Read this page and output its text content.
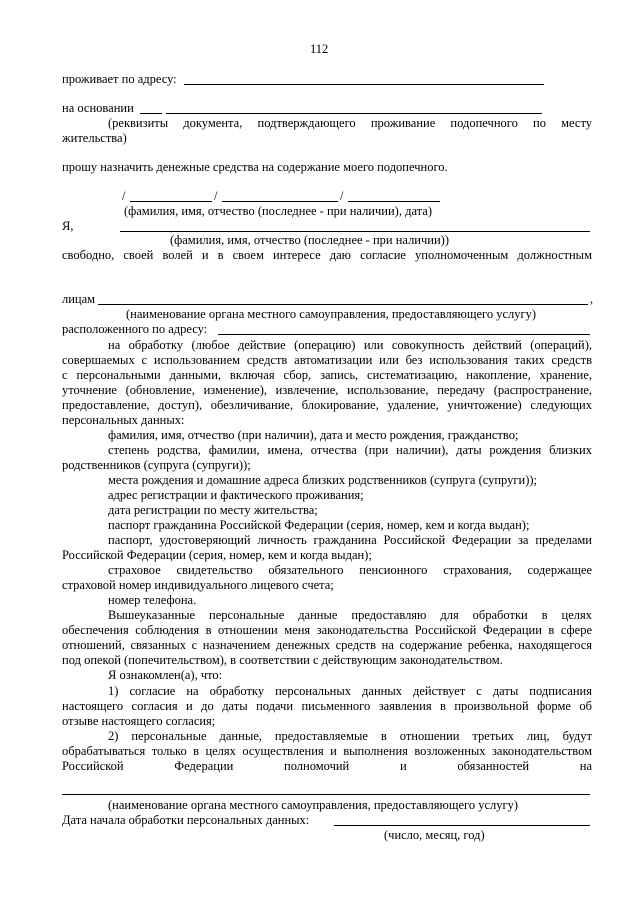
112
проживает по адресу:
на основании
(реквизиты документа, подтверждающего проживание подопечного по месту
жительства)
прошу назначить денежные средства на содержание моего подопечного.
/	/	/
(фамилия, имя, отчество (последнее - при наличии), дата)
Я,
(фамилия, имя, отчество (последнее - при наличии))
свободно, своей волей и в своем интересе даю согласие уполномоченным должностным
лицам	,
(наименование органа местного самоуправления, предоставляющего услугу)
расположенного по адресу:
на обработку (любое действие (операцию) или совокупность действий (операций),
совершаемых с использованием средств автоматизации или без использования таких средств
с персональными данными, включая сбор, запись, систематизацию, накопление, хранение,
уточнение (обновление, изменение), извлечение, использование, передачу (распространение,
предоставление, доступ), обезличивание, блокирование, удаление, уничтожение) следующих
персональных данных:
фамилия, имя, отчество (при наличии), дата и место рождения, гражданство;
степень родства, фамилии, имена, отчества (при наличии), даты рождения близких
родственников (супруга (супруги));
места рождения и домашние адреса близких родственников (супруга (супруги));
адрес регистрации и фактического проживания;
дата регистрации по месту жительства;
паспорт гражданина Российской Федерации (серия, номер, кем и когда выдан);
паспорт, удостоверяющий личность гражданина Российской Федерации за пределами
Российской Федерации (серия, номер, кем и когда выдан);
страховое свидетельство обязательного пенсионного страхования, содержащее
страховой номер индивидуального лицевого счета;
номер телефона.
Вышеуказанные персональные данные предоставляю для обработки в целях
обеспечения соблюдения в отношении меня законодательства Российской Федерации в сфере
отношений, связанных с назначением денежных средств на содержание ребенка, находящегося
под опекой (попечительством), в соответствии с действующим законодательством.
Я ознакомлен(а), что:
1) согласие на обработку персональных данных действует с даты подписания
настоящего согласия и до даты подачи письменного заявления в произвольной форме об
отзыве настоящего согласия;
2) персональные данные, предоставляемые в отношении третьих лиц, будут
обрабатываться только в целях осуществления и выполнения возложенных законодательством
Российской Федерации полномочий и обязанностей на
(наименование органа местного самоуправления, предоставляющего услугу)
Дата начала обработки персональных данных:
(число, месяц, год)
